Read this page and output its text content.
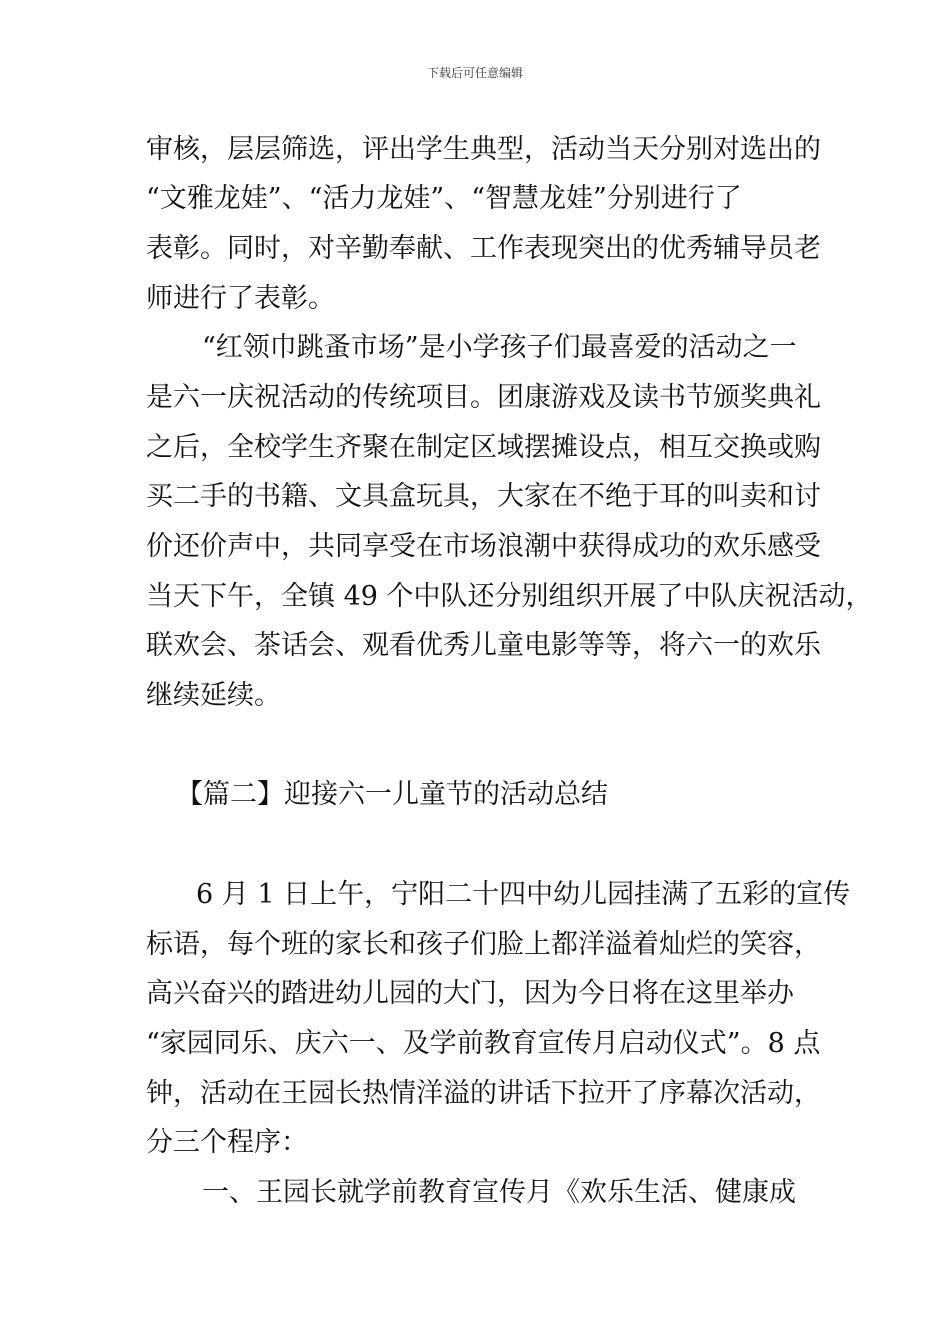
下载后可任意编辑
审核，层层筛选，评出学生典型，活动当天分别对选出的
“文雅龙娃”、“活力龙娃”、“智慧龙娃”分别进行了
表彰。同时，对辛勤奉献、工作表现突出的优秀辅导员老
师进行了表彰。
“红领巾跳蚤市场”是小学孩子们最喜爱的活动之一
是六一庆祝活动的传统项目。团康游戏及读书节颁奖典礼
之后，全校学生齐聚在制定区域摆摊设点，相互交换或购
买二手的书籍、文具盒玩具，大家在不绝于耳的叫卖和讨
价还价声中，共同享受在市场浪潮中获得成功的欢乐感受
当天下午，全镇 49 个中队还分别组织开展了中队庆祝活动，
联欢会、茶话会、观看优秀儿童电影等等，将六一的欢乐
继续延续。
【篇二】迎接六一儿童节的活动总结
6 月 1 日上午，宁阳二十四中幼儿园挂满了五彩的宣传
标语，每个班的家长和孩子们脸上都洋溢着灿烂的笑容，
高兴奋兴的踏进幼儿园的大门，因为今日将在这里举办
“家园同乐、庆六一、及学前教育宣传月启动仪式”。8 点
钟，活动在王园长热情洋溢的讲话下拉开了序幕次活动，
分三个程序：
一、王园长就学前教育宣传月《欢乐生活、健康成
